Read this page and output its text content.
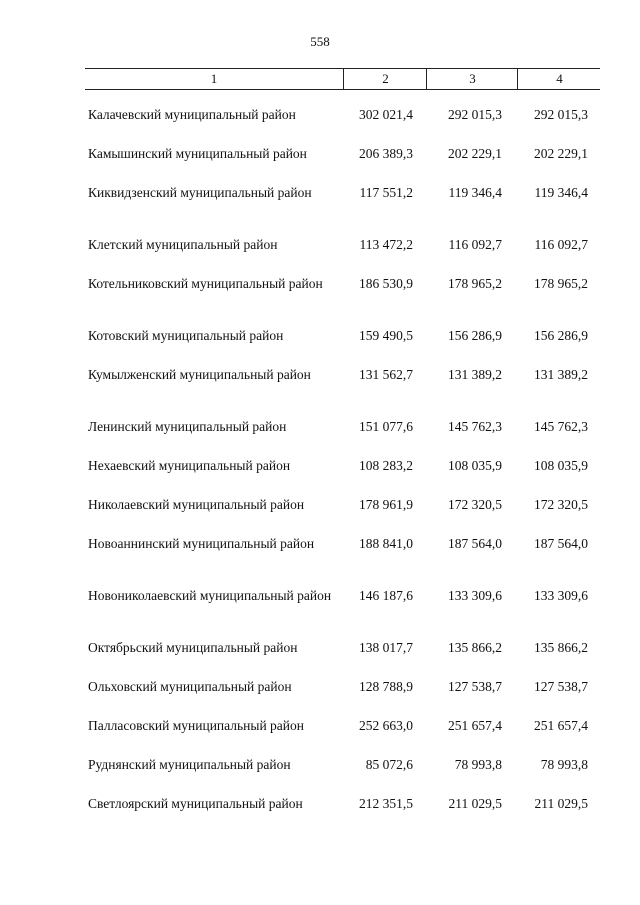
558
1	2	3	4
Калачевский муниципальный район	302 021,4	292 015,3	292 015,3
Камышинский муниципальный район	206 389,3	202 229,1	202 229,1
Киквидзенский муниципальный район	117 551,2	119 346,4	119 346,4
Клетский муниципальный район	113 472,2	116 092,7	116 092,7
Котельниковский муниципальный район	186 530,9	178 965,2	178 965,2
Котовский муниципальный район	159 490,5	156 286,9	156 286,9
Кумылженский муниципальный район	131 562,7	131 389,2	131 389,2
Ленинский муниципальный район	151 077,6	145 762,3	145 762,3
Нехаевский муниципальный район	108 283,2	108 035,9	108 035,9
Николаевский муниципальный район	178 961,9	172 320,5	172 320,5
Новоаннинский муниципальный район	188 841,0	187 564,0	187 564,0
Новониколаевский муниципальный район	146 187,6	133 309,6	133 309,6
Октябрьский муниципальный район	138 017,7	135 866,2	135 866,2
Ольховский муниципальный район	128 788,9	127 538,7	127 538,7
Палласовский муниципальный район	252 663,0	251 657,4	251 657,4
Руднянский муниципальный район	85 072,6	78 993,8	78 993,8
Светлоярский муниципальный район	212 351,5	211 029,5	211 029,5
